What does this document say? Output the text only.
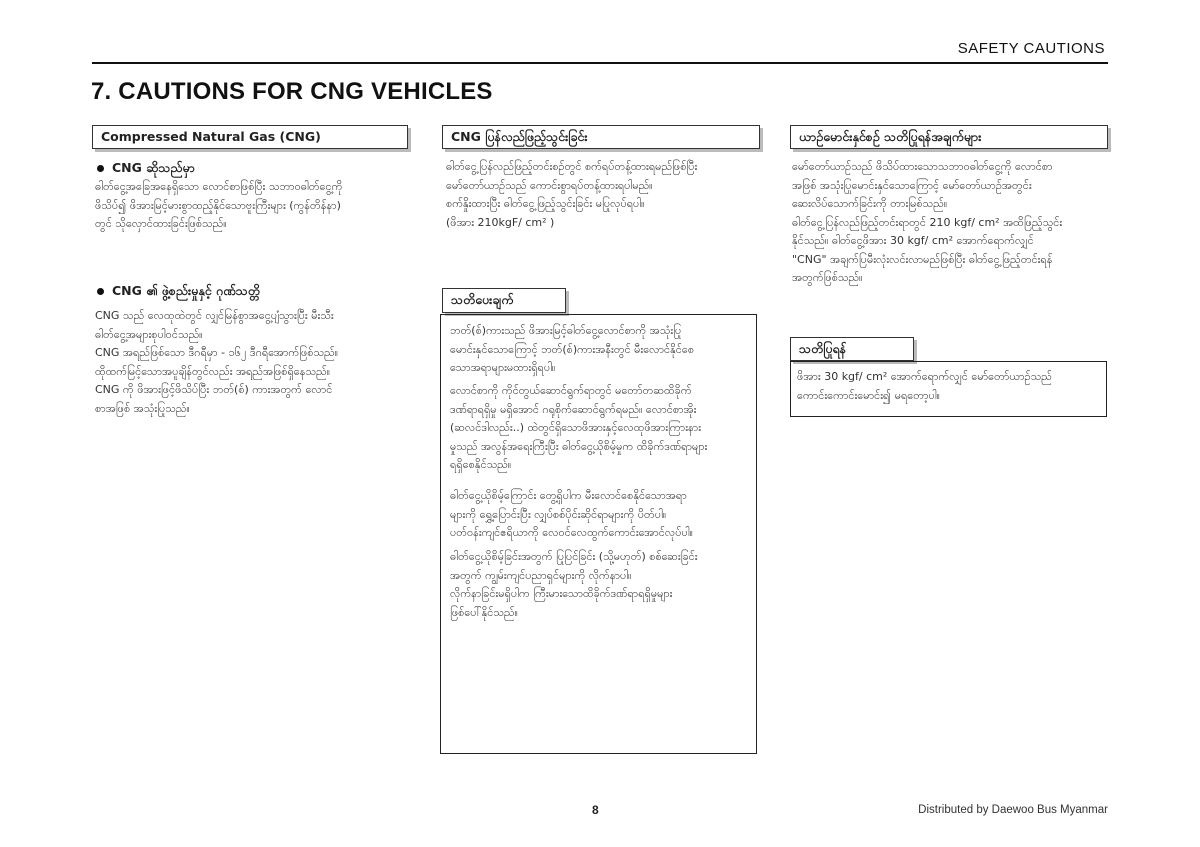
SAFETY CAUTIONS
7. CAUTIONS FOR CNG VEHICLES
Compressed Natural Gas (CNG)
CNG ဆိုသည်မှာ
ဓါတ်ငွေ့အခြေအနေရှိသော လောင်စာဖြစ်ပြီး သဘာဝဓါတ်ငွေ့ကို
ဖိသိပ်၍ ဖိအားမြင့်မားစွာထည့်နိုင်သောဗူးကြီးများ (ကွန်တိန်နာ)
တွင် သိုလှောင်ထားခြင်းဖြစ်သည်။
CNG ၏ ဖွဲ့စည်းမှုနှင့် ဂုဏ်သတ္တိ
CNG သည် လေထုထဲတွင် လျှင်မြန်စွာအငွေ့ပျံသွားပြီး မီးသီး
ဓါတ်ငွေ့အများစုပါဝင်သည်။
CNG အရည်ဖြစ်သော ဒီဂရီမှာ - ၁၆၂ ဒီဂရီအောက်ဖြစ်သည်။
ထိုထက်မြင့်သောအပူချိန်တွင်လည်း အရည်အဖြစ်ရှိနေသည်။
CNG ကို ဖိအားဖြင့်ဖိသိပ်ပြီး ဘတ်(စ်) ကားအတွက် လောင်
စာအဖြစ် အသုံးပြုသည်။
CNG ပြန်လည်ဖြည့်သွင်းခြင်း
ဓါတ်ငွေ့ပြန်လည်ဖြည့်တင်းစဉ်တွင် စက်ရပ်တန့်ထားရမည်ဖြစ်ပြီး
မော်တော်ယာဉ်သည် ကောင်းစွာရပ်တန့်ထားရပါမည်။
စက်နှိုးထားပြီး ဓါတ်ငွေ့ဖြည့်သွင်းခြင်း မပြုလုပ်ရပါ။
(ဖိအား 210kgF/ cm² )
သတိပေးချက်
ဘတ်(စ်)ကားသည် ဖိအားမြင့်ဓါတ်ငွေ့လောင်စာကို အသုံးပြု
မောင်းနှင်သောကြောင့် ဘတ်(စ်)ကားအနီးတွင် မီးလောင်နိုင်စေ
သောအရာများမထားရှိရပါ။
လောင်စာကို ကိုင်တွယ်ဆောင်ရွက်ရာတွင် မတော်တဆထိခိုက်
ဒဏ်ရာရရှိမှု မရှိအောင် ဂရုစိုက်ဆောင်ရွက်ရမည်။ လောင်စာအိုး
(ဆလင်ဒါလည်း..) ထဲတွင်ရှိသောဖိအားနှင့်လေထုဖိအားကြားနား
မှုသည် အလွန်အရေးကြီးပြီး ဓါတ်ငွေ့ယိုစိမ့်မှုက ထိခိုက်ဒဏ်ရာများ
ရရှိစေနိုင်သည်။
ဓါတ်ငွေ့ယိုစိမ့်ကြောင်း တွေ့ရှိပါက မီးလောင်စေနိုင်သောအရာ
များကို ရွှေ့ပြောင်းပြီး လျှပ်စစ်ပိုင်းဆိုင်ရာများကို ပိတ်ပါ။
ပတ်ဝန်းကျင်ဧရိယာကို လေဝင်လေထွက်ကောင်းအောင်လုပ်ပါ။
ဓါတ်ငွေ့ယိုစိမ့်ခြင်းအတွက် ပြုပြင်ခြင်း (သို့မဟုတ်) စစ်ဆေးခြင်း
အတွက် ကျွမ်းကျင်ပညာရှင်များကို လိုက်နာပါ။
လိုက်နာခြင်းမရှိပါက ကြီးမားသောထိခိုက်ဒဏ်ရာရရှိမှုများ
ဖြစ်ပေါ်နိုင်သည်။
ယာဉ်မောင်းနှင်စဉ် သတိပြုရန်အချက်များ
မော်တော်ယာဉ်သည် ဖိသိပ်ထားသောသဘာဝဓါတ်ငွေ့ကို လောင်စာ
အဖြစ် အသုံးပြုမောင်းနှင်သောကြောင့် မော်တော်ယာဉ်အတွင်း
ဆေးလိပ်သောက်ခြင်းကို တားမြစ်သည်။
ဓါတ်ငွေ့ပြန်လည်ဖြည့်တင်းရာတွင် 210 kgf/ cm² အထိဖြည့်သွင်း
နိုင်သည်။ ဓါတ်ငွေ့ဖိအား 30 kgf/ cm² အောက်ရောက်လျှင်
"CNG" အချက်ပြမီးလုံးလင်းလာမည်ဖြစ်ပြီး ဓါတ်ငွေ့ဖြည့်တင်းရန်
အတွက်ဖြစ်သည်။
သတိပြုရန်
ဖိအား 30 kgf/ cm² အောက်ရောက်လျှင် မော်တော်ယာဉ်သည်
ကောင်းကောင်းမောင်း၍ မရတော့ပါ။
8	Distributed by Daewoo Bus Myanmar
